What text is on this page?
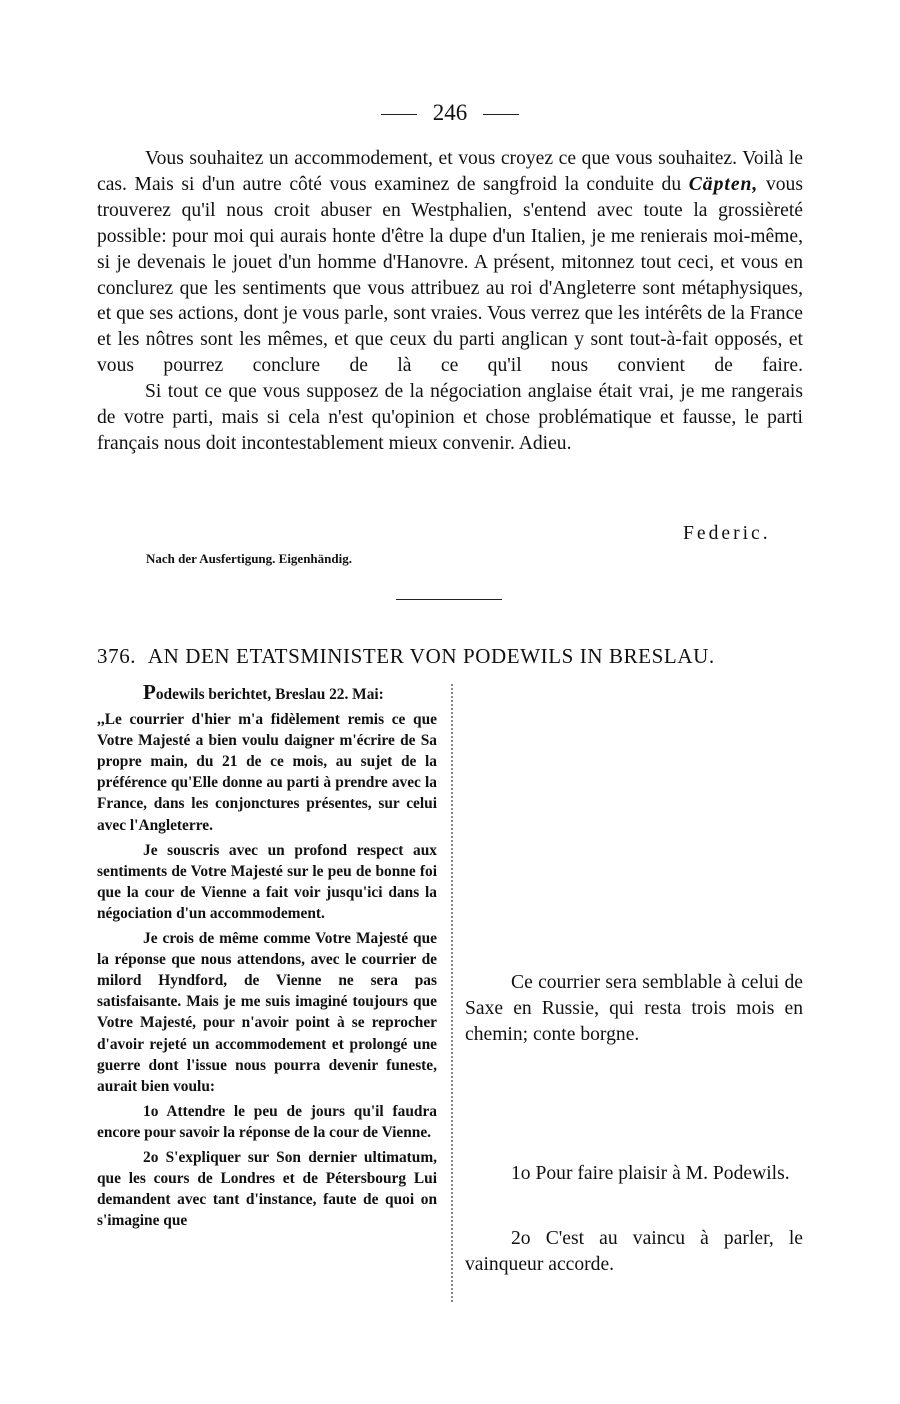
246

Vous souhaitez un accommodement, et vous croyez ce que vous souhaitez. Voilà le cas. Mais si d'un autre côté vous examinez de sangfroid la conduite du Cäpten, vous trouverez qu'il nous croit abuser en Westphalien, s'entend avec toute la grossièreté possible: pour moi qui aurais honte d'être la dupe d'un Italien, je me renierais moi-même, si je devenais le jouet d'un homme d'Hanovre. A présent, mitonnez tout ceci, et vous en conclurez que les sentiments que vous attribuez au roi d'Angleterre sont métaphysiques, et que ses actions, dont je vous parle, sont vraies. Vous verrez que les intérêts de la France et les nôtres sont les mêmes, et que ceux du parti anglican y sont tout-à-fait opposés, et vous pourrez conclure de là ce qu'il nous convient de faire.

Si tout ce que vous supposez de la négociation anglaise était vrai, je me rangerais de votre parti, mais si cela n'est qu'opinion et chose problématique et fausse, le parti français nous doit incontestablement mieux convenir. Adieu.

Federic.
Nach der Ausfertigung. Eigenhändig.
376. AN DEN ETATSMINISTER VON PODEWILS IN BRESLAU.

Podewils berichtet, Breslau 22. Mai:

,,Le courrier d'hier m'a fidèlement remis ce que Votre Majesté a bien voulu daigner m'écrire de Sa propre main, du 21 de ce mois, au sujet de la préférence qu'Elle donne au parti à prendre avec la France, dans les conjonctures présentes, sur celui avec l'Angleterre.

Je souscris avec un profond respect aux sentiments de Votre Majesté sur le peu de bonne foi que la cour de Vienne a fait voir jusqu'ici dans la négociation d'un accommodement.

Je crois de même comme Votre Majesté que la réponse que nous attendons, avec le courrier de milord Hyndford, de Vienne ne sera pas satisfaisante. Mais je me suis imaginé toujours que Votre Majesté, pour n'avoir point à se reprocher d'avoir rejeté un accommodement et prolongé une guerre dont l'issue nous pourra devenir funeste, aurait bien voulu:

1o Attendre le peu de jours qu'il faudra encore pour savoir la réponse de la cour de Vienne.

2o S'expliquer sur Son dernier ultimatum, que les cours de Londres et de Pétersbourg Lui demandent avec tant d'instance, faute de quoi on s'imagine que

Ce courrier sera semblable à celui de Saxe en Russie, qui resta trois mois en chemin; conte borgne.

1o Pour faire plaisir à M. Podewils.

2o C'est au vaincu à parler, le vainqueur accorde.
